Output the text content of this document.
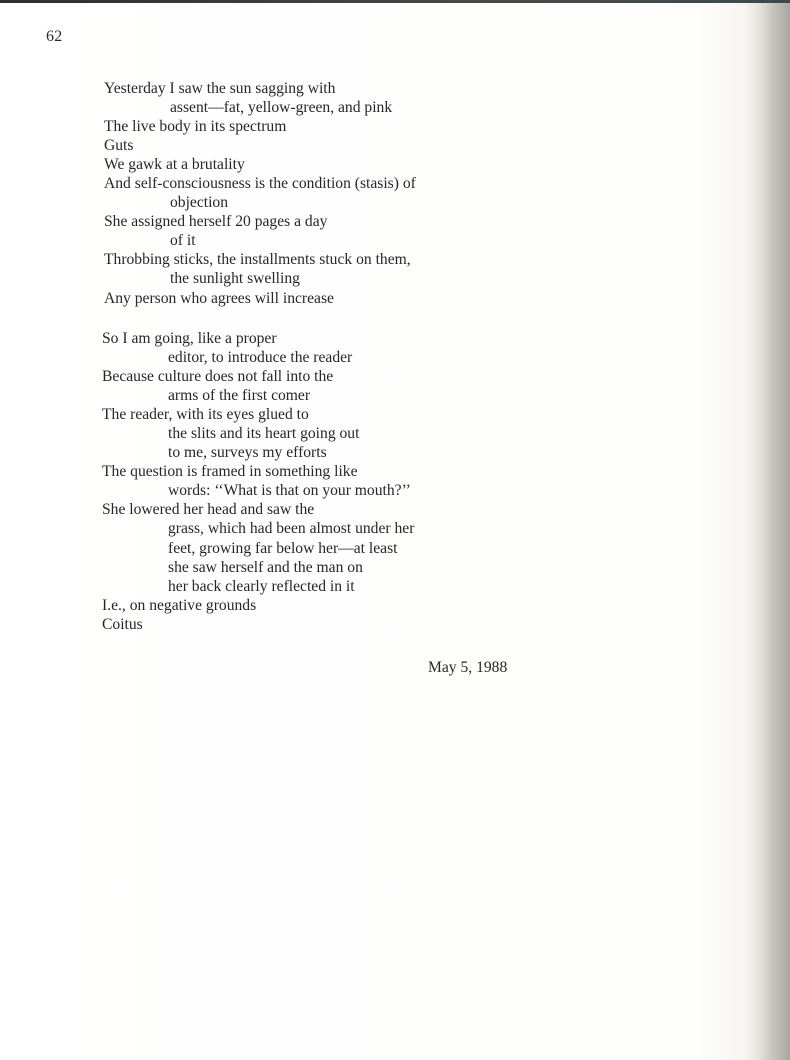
62
Yesterday I saw the sun sagging with
assent—fat, yellow-green, and pink
The live body in its spectrum
Guts
We gawk at a brutality
And self-consciousness is the condition (stasis) of
objection
She assigned herself 20 pages a day
of it
Throbbing sticks, the installments stuck on them,
the sunlight swelling
Any person who agrees will increase
So I am going, like a proper
editor, to introduce the reader
Because culture does not fall into the
arms of the first comer
The reader, with its eyes glued to
the slits and its heart going out
to me, surveys my efforts
The question is framed in something like
words: ‘‘What is that on your mouth?’’
She lowered her head and saw the
grass, which had been almost under her
feet, growing far below her—at least
she saw herself and the man on
her back clearly reflected in it
I.e., on negative grounds
Coitus
May 5, 1988
